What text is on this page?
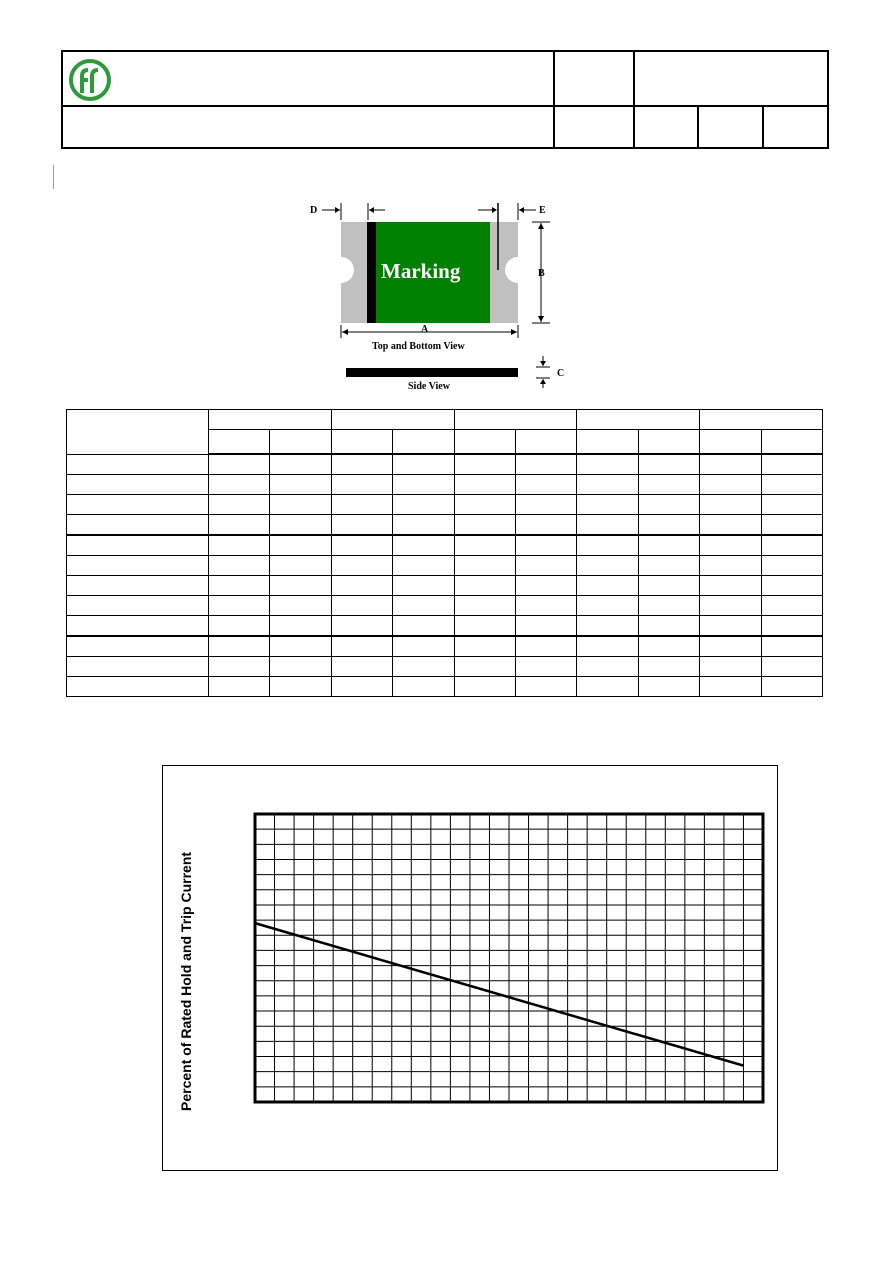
Marking
D	E
B
A
Top and Bottom View
C
Side View

Percent of Rated Hold and Trip Current
